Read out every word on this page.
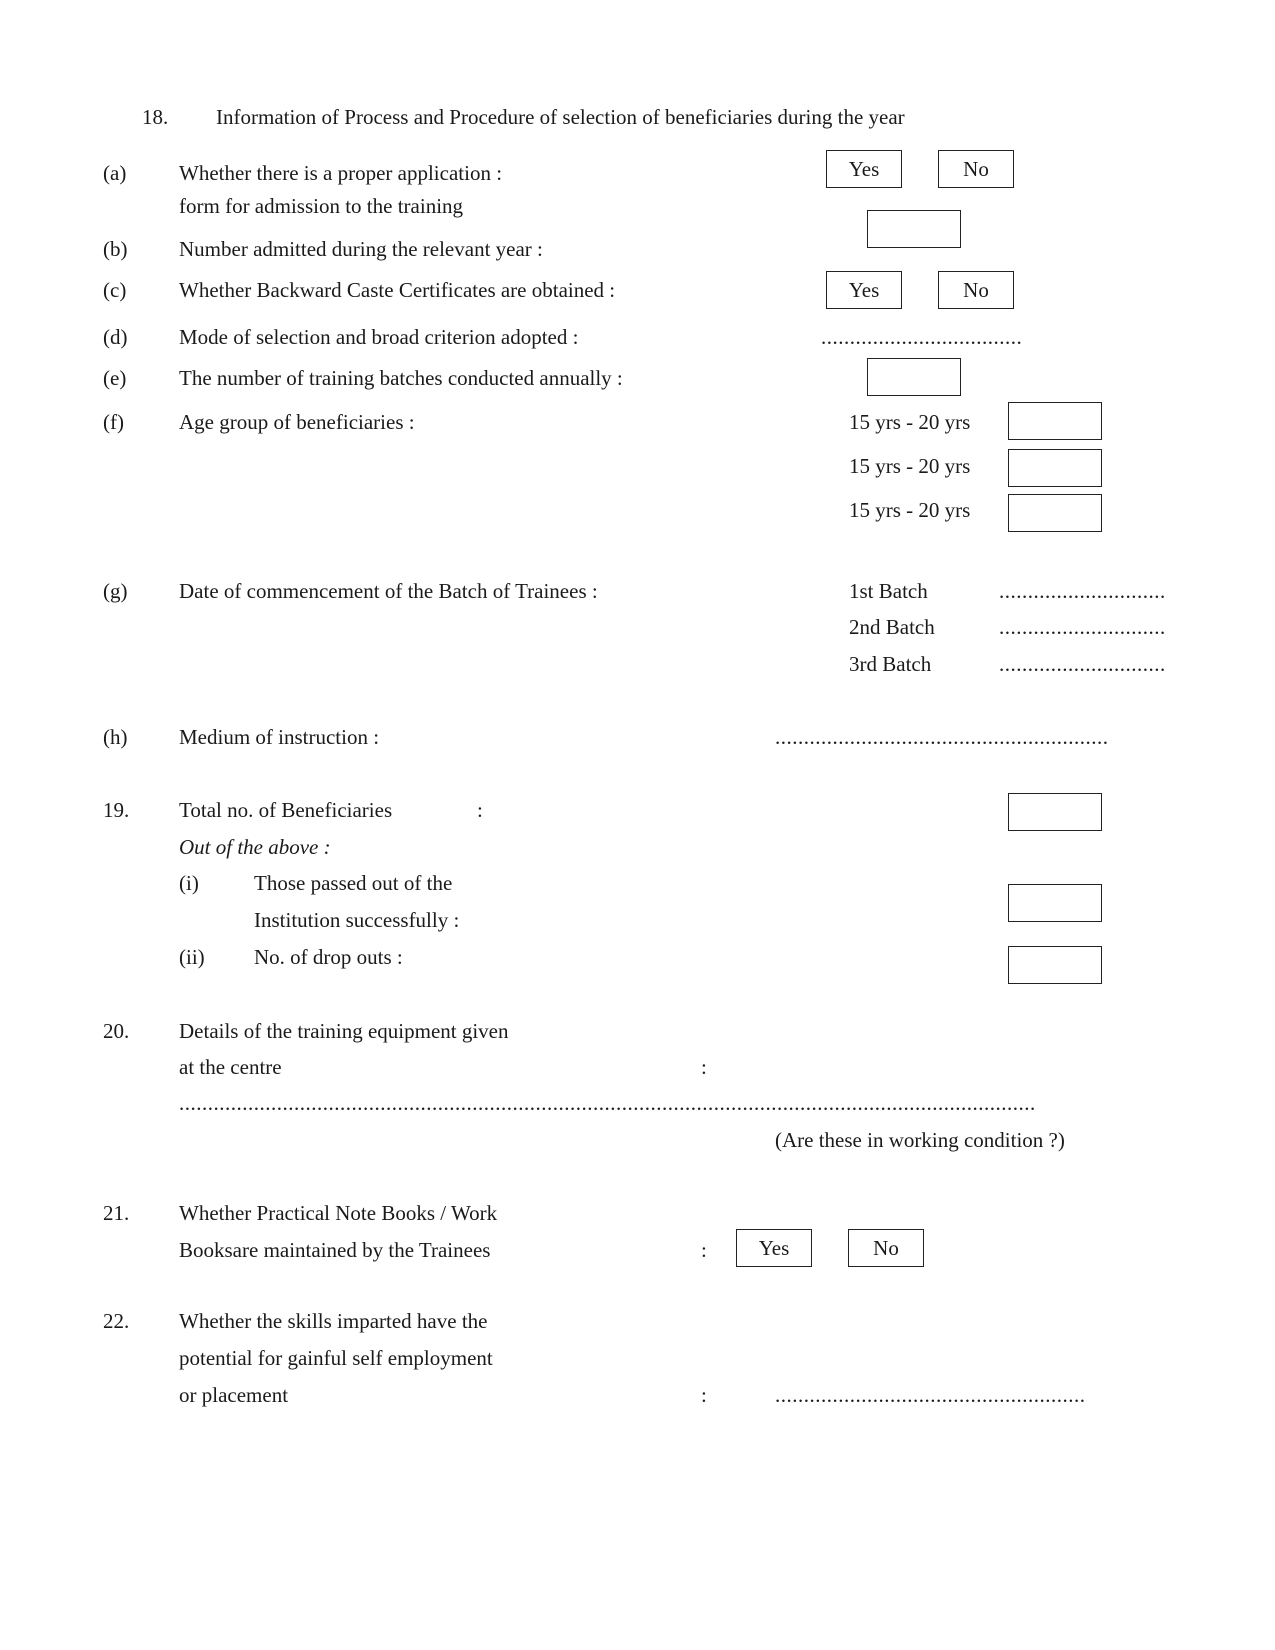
18. Information of Process and Procedure of selection of beneficiaries during the year
(a)	Whether there is a proper application :
form for admission to the training
Yes	No
(b) Number admitted during the relevant year :
(c)	Whether Backward Caste Certificates are obtained :	Yes	No
(d) Mode of selection and broad criterion adopted :	...................................
(e)	The number of training batches conducted annually :
(f)	Age group of beneficiaries :	15 yrs - 20 yrs
15 yrs - 20 yrs
15 yrs - 20 yrs
(g) Date of commencement of the Batch of Trainees :	1st Batch	.............................
2nd Batch	.............................
3rd Batch	.............................
(h) Medium of instruction :	..........................................................
19. Total no. of Beneficiaries	:
Out of the above :
(i)	Those passed out of the
Institution successfully :
(ii) No. of drop outs :
20. Details of the training equipment given
at the centre	:
.....................................................................................................................................................
(Are these in working condition ?)
21. Whether Practical Note Books / Work
Booksare maintained by the Trainees	:	Yes	No
22. Whether the skills imparted have the
potential for gainful self employment
or placement	:	......................................................
